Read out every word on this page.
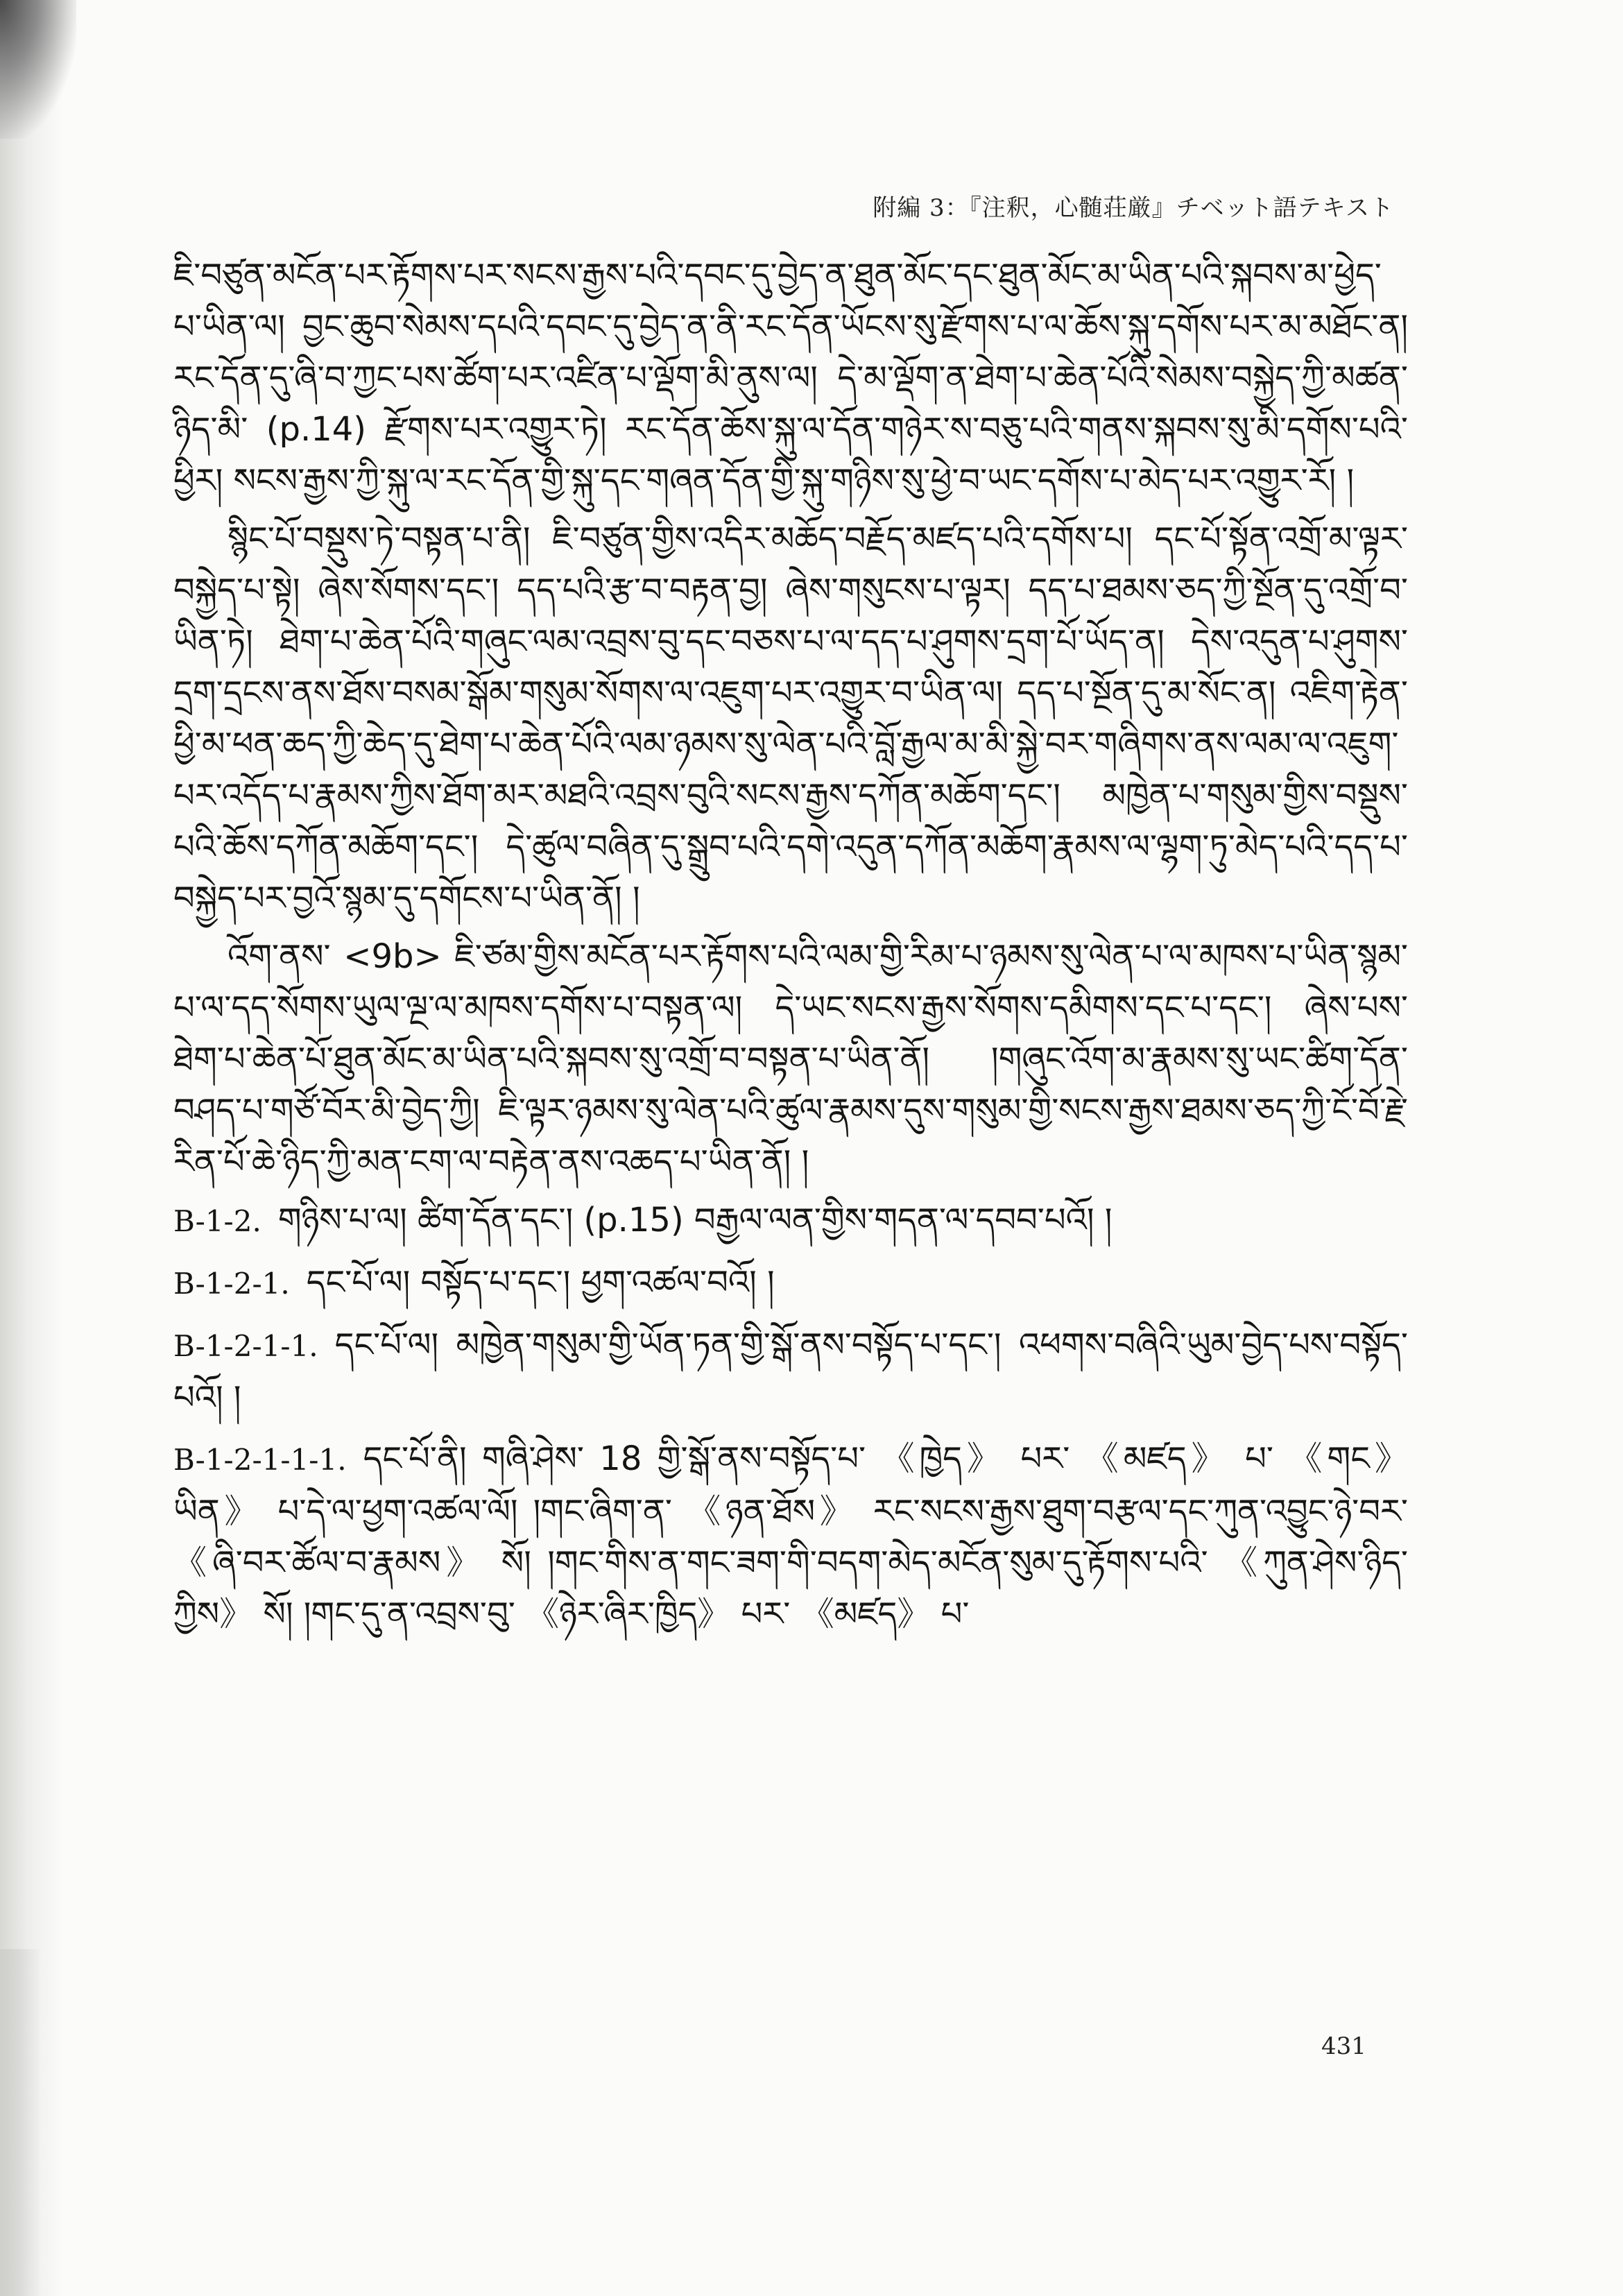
附編 3：『注釈，心髄荘厳』チベット語テキスト

ཇི་བཙུན་མངོན་པར་རྟོགས་པར་སངས་རྒྱས་པའི་དབང་དུ་བྱེད་ན་ཐུན་མོང་དང་ཐུན་མོང་མ་ཡིན་པའི་སྐབས་མ་ཕྱེད་པ་ཡིན་ལ། བྱང་ཆུབ་སེམས་དཔའི་དབང་དུ་བྱེད་ན་ནི་རང་དོན་ཡོངས་སུ་རྫོགས་པ་ལ་ཆོས་སྐུ་དགོས་པར་མ་མཐོང་ན། རང་དོན་དུ་ཞི་བ་ཀྱང་པས་ཚོག་པར་འཛིན་པ་ལྡོག་མི་ནུས་ལ། དེ་མ་ལྡོག་ན་ཐེག་པ་ཆེན་པོའི་སེམས་བསྐྱེད་ཀྱི་མཚན་ཉིད་མི་ (p.14) རྫོགས་པར་འགྱུར་ཏེ། རང་དོན་ཆོས་སྐུ་ལ་དོན་གཉེར་ས་བཅུ་པའི་གནས་སྐབས་སུ་མི་དགོས་པའི་ཕྱིར། སངས་རྒྱས་ཀྱི་སྐུ་ལ་རང་དོན་གྱི་སྐུ་དང་གཞན་དོན་གྱི་སྐུ་གཉིས་སུ་ཕྱེ་བ་ཡང་དགོས་པ་མེད་པར་འགྱུར་རོ། །

སྙིང་པོ་བསྡུས་ཏེ་བསྟན་པ་ནི། ཇི་བཙུན་གྱིས་འདིར་མཆོད་བརྗོད་མཛད་པའི་དགོས་པ། དང་པོ་སྟོན་འགྲོ་མ་ལྟར་བསྐྱེད་པ་སྟེ། ཞེས་སོགས་དང་། དད་པའི་རྩ་བ་བརྟན་བྱ། ཞེས་གསུངས་པ་ལྟར། དད་པ་ཐམས་ཅད་ཀྱི་སྔོན་དུ་འགྲོ་བ་ཡིན་ཏེ། ཐེག་པ་ཆེན་པོའི་གཞུང་ལམ་འབྲས་བུ་དང་བཅས་པ་ལ་དད་པ་ཤུགས་དྲག་པོ་ཡོད་ན། དེས་འདུན་པ་ཤུགས་དྲག་དྲངས་ནས་ཐོས་བསམ་སྒོམ་གསུམ་སོགས་ལ་འཇུག་པར་འགྱུར་བ་ཡིན་ལ། དད་པ་སྔོན་དུ་མ་སོང་ན། འཇིག་རྟེན་ཕྱི་མ་ཕན་ཆད་ཀྱི་ཆེད་དུ་ཐེག་པ་ཆེན་པོའི་ལམ་ཉམས་སུ་ལེན་པའི་བློ་རྒྱལ་མ་མི་སྐྱེ་བར་གཞིགས་ནས་ལམ་ལ་འཇུག་པར་འདོད་པ་རྣམས་ཀྱིས་ཐོག་མར་མཐའི་འབྲས་བུའི་སངས་རྒྱས་དཀོན་མཆོག་དང་། མཁྱེན་པ་གསུམ་གྱིས་བསྡུས་པའི་ཆོས་དཀོན་མཆོག་དང་། དེ་ཚུལ་བཞིན་དུ་སྒྲུབ་པའི་དགེ་འདུན་དཀོན་མཆོག་རྣམས་ལ་ལྷག་ཏུ་མེད་པའི་དད་པ་བསྐྱེད་པར་བྱའོ་སྙམ་དུ་དགོངས་པ་ཡིན་ནོ། །

འོག་ནས་ <9b> ཇི་ཙམ་གྱིས་མངོན་པར་རྟོགས་པའི་ལམ་གྱི་རིམ་པ་ཉམས་སུ་ལེན་པ་ལ་མཁས་པ་ཡིན་སྙམ་པ་ལ་དད་སོགས་ཡུལ་ལྔ་ལ་མཁས་དགོས་པ་བསྟན་ལ། དེ་ཡང་སངས་རྒྱས་སོགས་དམིགས་དང་པ་དང་། ཞེས་པས་ཐེག་པ་ཆེན་པོ་ཐུན་མོང་མ་ཡིན་པའི་སྐབས་སུ་འགྲོ་བ་བསྟན་པ་ཡིན་ནོ། །གཞུང་འོག་མ་རྣམས་སུ་ཡང་ཚིག་དོན་བཤད་པ་གཙོ་བོར་མི་བྱེད་ཀྱི། ཇི་ལྟར་ཉམས་སུ་ལེན་པའི་ཚུལ་རྣམས་དུས་གསུམ་གྱི་སངས་རྒྱས་ཐམས་ཅད་ཀྱི་ངོ་བོ་རྗེ་རིན་པོ་ཆེ་ཉིད་ཀྱི་མན་ངག་ལ་བརྟེན་ནས་འཆད་པ་ཡིན་ནོ། །

B-1-2. གཉིས་པ་ལ། ཚིག་དོན་དང་། (p.15) བརྒྱལ་ལན་གྱིས་གདན་ལ་དབབ་པའོ། །

B-1-2-1. དང་པོ་ལ། བསྟོད་པ་དང་། ཕྱག་འཚལ་བའོ། །

B-1-2-1-1. དང་པོ་ལ། མཁྱེན་གསུམ་གྱི་ཡོན་ཏན་གྱི་སྒོ་ནས་བསྟོད་པ་དང་། འཕགས་བཞིའི་ཡུམ་བྱེད་པས་བསྟོད་པའོ། །

B-1-2-1-1-1. དང་པོ་ནི། གཞི་ཤེས་ 18 གྱི་སྒོ་ནས་བསྟོད་པ་ 《ཁྱེད》 པར་ 《མཛད》 པ་ 《གང》 ཡིན》 པ་དེ་ལ་ཕྱག་འཚལ་ལོ། །གང་ཞིག་ན་ 《ཉན་ཐོས》 རང་སངས་རྒྱས་ཐུག་བརྩལ་དང་ཀུན་འབྱུང་ཉེ་བར་ 《ཞི་བར་ཚོལ་བ་རྣམས》 སོ། །གང་གིས་ན་གང་ཟག་གི་བདག་མེད་མངོན་སུམ་དུ་རྟོགས་པའི་ 《ཀུན་ཤེས་ཉིད་ཀྱིས》 སོ། །གང་དུ་ན་འབྲས་བུ་ 《ཉེར་ཞིར་ཁྱིད》 པར་ 《མཛད》 པ་

431
